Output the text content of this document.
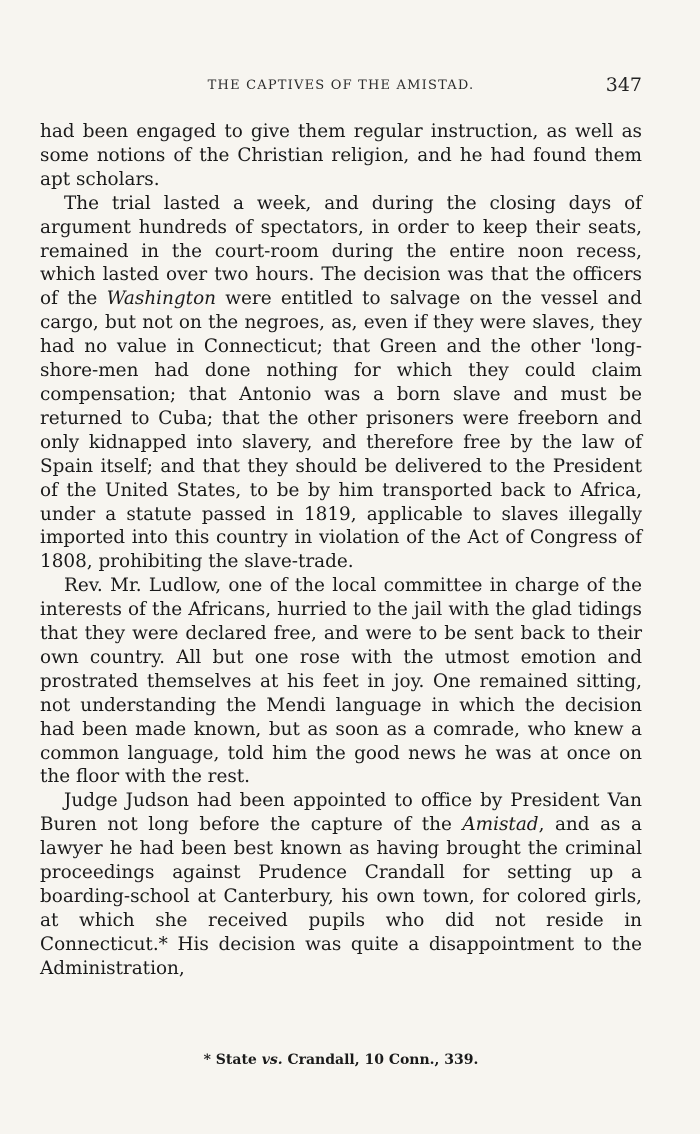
THE CAPTIVES OF THE AMISTAD.	347

had been engaged to give them regular instruction, as well as some notions of the Christian religion, and he had found them apt scholars.

The trial lasted a week, and during the closing days of argument hundreds of spectators, in order to keep their seats, remained in the court-room during the entire noon recess, which lasted over two hours. The decision was that the officers of the Washington were entitled to salvage on the vessel and cargo, but not on the negroes, as, even if they were slaves, they had no value in Connecticut; that Green and the other 'long-shore-men had done nothing for which they could claim compensation; that Antonio was a born slave and must be returned to Cuba; that the other prisoners were freeborn and only kidnapped into slavery, and therefore free by the law of Spain itself; and that they should be delivered to the President of the United States, to be by him transported back to Africa, under a statute passed in 1819, applicable to slaves illegally imported into this country in violation of the Act of Congress of 1808, prohibiting the slave-trade.

Rev. Mr. Ludlow, one of the local committee in charge of the interests of the Africans, hurried to the jail with the glad tidings that they were declared free, and were to be sent back to their own country. All but one rose with the utmost emotion and prostrated themselves at his feet in joy. One remained sitting, not understanding the Mendi language in which the decision had been made known, but as soon as a comrade, who knew a common language, told him the good news he was at once on the floor with the rest.

Judge Judson had been appointed to office by President Van Buren not long before the capture of the Amistad, and as a lawyer he had been best known as having brought the criminal proceedings against Prudence Crandall for setting up a boarding-school at Canterbury, his own town, for colored girls, at which she received pupils who did not reside in Connecticut.* His decision was quite a disappointment to the Administration,

* State vs. Crandall, 10 Conn., 339.
